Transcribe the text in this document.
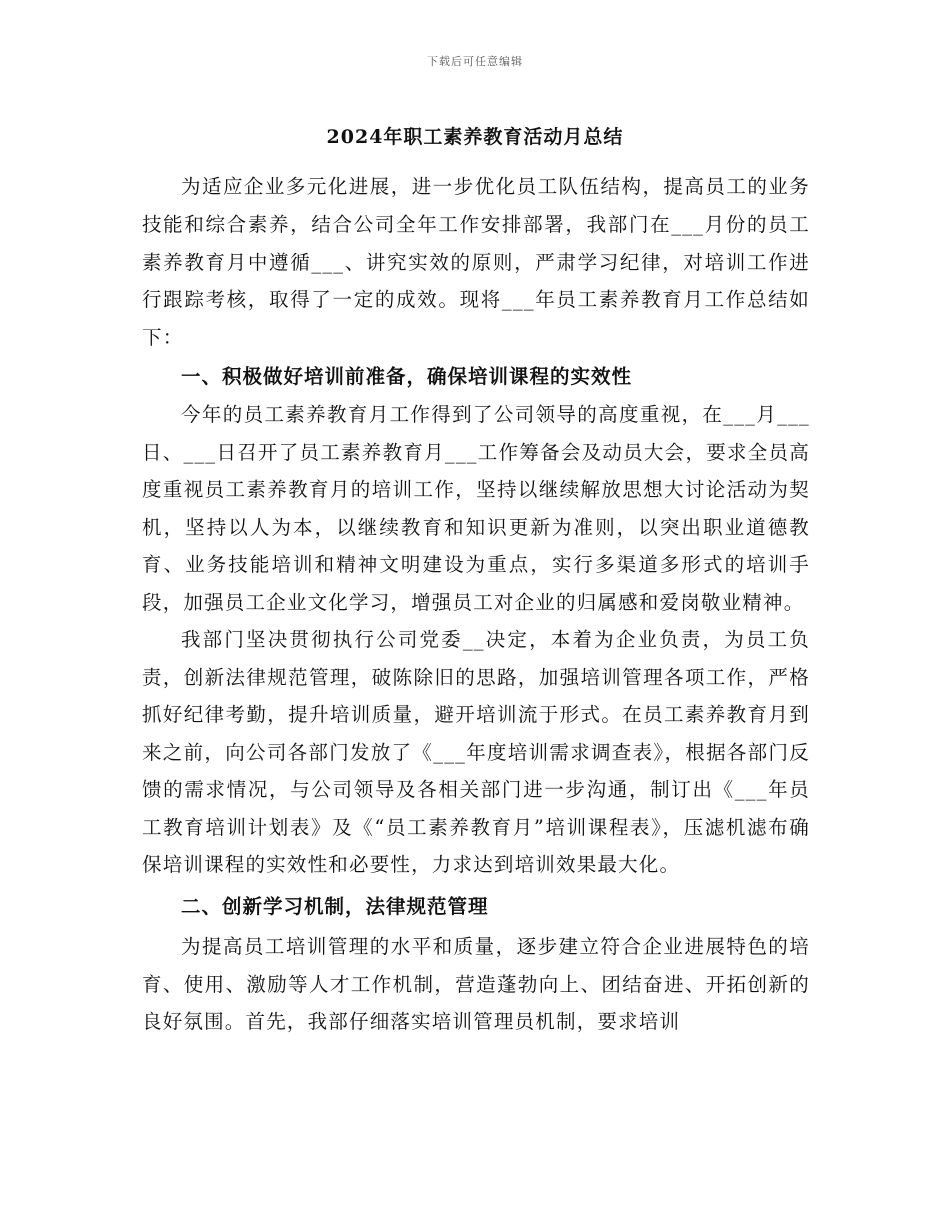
下载后可任意编辑
2024年职工素养教育活动月总结

为适应企业多元化进展，进一步优化员工队伍结构，提高员工的业务技能和综合素养，结合公司全年工作安排部署，我部门在___月份的员工素养教育月中遵循___、讲究实效的原则，严肃学习纪律，对培训工作进行跟踪考核，取得了一定的成效。现将___年员工素养教育月工作总结如下：

一、积极做好培训前准备，确保培训课程的实效性

今年的员工素养教育月工作得到了公司领导的高度重视，在___月___日、___日召开了员工素养教育月___工作筹备会及动员大会，要求全员高度重视员工素养教育月的培训工作，坚持以继续解放思想大讨论活动为契机，坚持以人为本，以继续教育和知识更新为准则，以突出职业道德教育、业务技能培训和精神文明建设为重点，实行多渠道多形式的培训手段，加强员工企业文化学习，增强员工对企业的归属感和爱岗敬业精神。

我部门坚决贯彻执行公司党委__决定，本着为企业负责，为员工负责，创新法律规范管理，破陈除旧的思路，加强培训管理各项工作，严格抓好纪律考勤，提升培训质量，避开培训流于形式。在员工素养教育月到来之前，向公司各部门发放了《___年度培训需求调查表》，根据各部门反馈的需求情况，与公司领导及各相关部门进一步沟通，制订出《___年员工教育培训计划表》及《“员工素养教育月”培训课程表》，压滤机滤布确保培训课程的实效性和必要性，力求达到培训效果最大化。

二、创新学习机制，法律规范管理

为提高员工培训管理的水平和质量，逐步建立符合企业进展特色的培育、使用、激励等人才工作机制，营造蓬勃向上、团结奋进、开拓创新的良好氛围。首先，我部仔细落实培训管理员机制，要求培训
